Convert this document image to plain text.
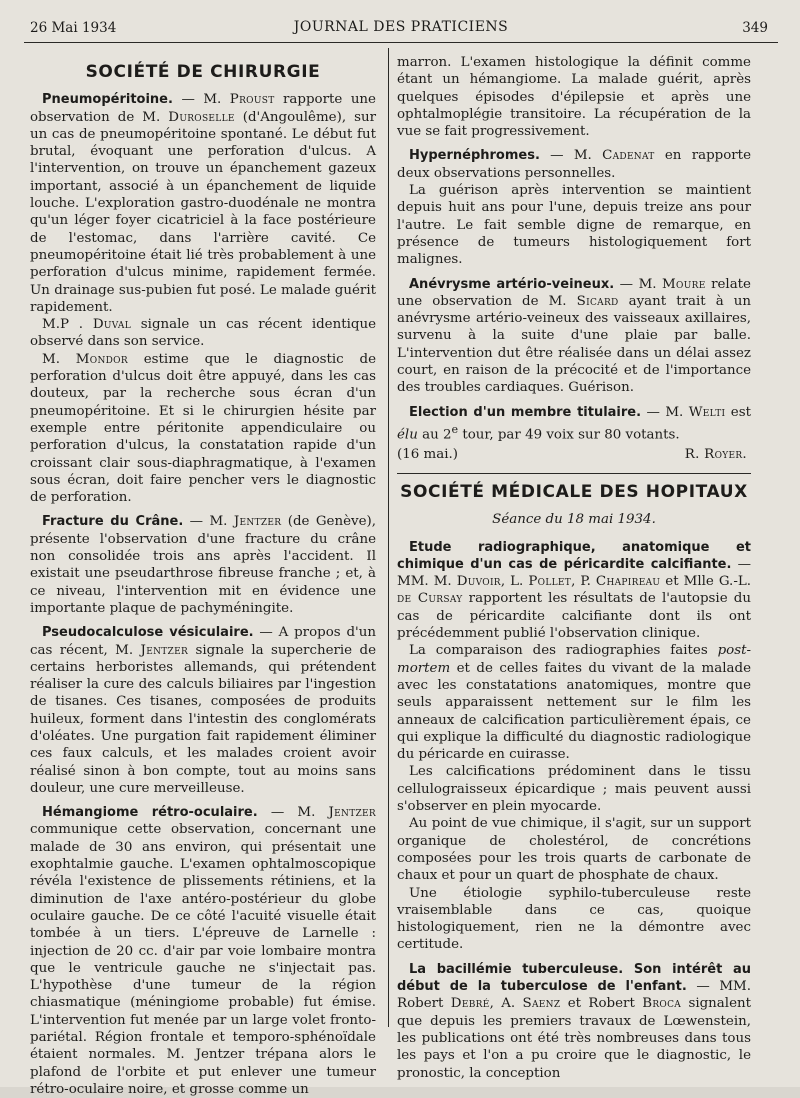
26 Mai 1934	JOURNAL DES PRATICIENS	349
SOCIÉTÉ DE CHIRURGIE

Pneumopéritoine. — M. Proust rapporte une observation de M. Duroselle (d'Angoulême), sur un cas de pneumopéritoine spontané. Le début fut brutal, évoquant une perforation d'ulcus. A l'intervention, on trouve un épanchement gazeux important, associé à un épanchement de liquide louche. L'exploration gastro-duodénale ne montra qu'un léger foyer cicatriciel à la face postérieure de l'estomac, dans l'arrière cavité. Ce pneumopéritoine était lié très probablement à une perforation d'ulcus minime, rapidement fermée. Un drainage sus-pubien fut posé. Le malade guérit rapidement.

M.P . Duval signale un cas récent identique observé dans son service.

M. Mondor estime que le diagnostic de perforation d'ulcus doit être appuyé, dans les cas douteux, par la recherche sous écran d'un pneumopéritoine. Et si le chirurgien hésite par exemple entre péritonite appendiculaire ou perforation d'ulcus, la constatation rapide d'un croissant clair sous-diaphragmatique, à l'examen sous écran, doit faire pencher vers le diagnostic de perforation.

Fracture du Crâne. — M. Jentzer (de Genève), présente l'observation d'une fracture du crâne non consolidée trois ans après l'accident. Il existait une pseudarthrose fibreuse franche ; et, à ce niveau, l'intervention mit en évidence une importante plaque de pachyméningite.

Pseudocalculose vésiculaire. — A propos d'un cas récent, M. Jentzer signale la supercherie de certains herboristes allemands, qui prétendent réaliser la cure des calculs biliaires par l'ingestion de tisanes. Ces tisanes, composées de produits huileux, forment dans l'intestin des conglomérats d'oléates. Une purgation fait rapidement éliminer ces faux calculs, et les malades croient avoir réalisé sinon à bon compte, tout au moins sans douleur, une cure merveilleuse.

Hémangiome rétro-oculaire. — M. Jentzer communique cette observation, concernant une malade de 30 ans environ, qui présentait une exophtalmie gauche. L'examen ophtalmoscopique révéla l'existence de plissements rétiniens, et la diminution de l'axe antéro-postérieur du globe oculaire gauche. De ce côté l'acuité visuelle était tombée à un tiers. L'épreuve de Larnelle : injection de 20 cc. d'air par voie lombaire montra que le ventricule gauche ne s'injectait pas. L'hypothèse d'une tumeur de la région chiasmatique (méningiome probable) fut émise. L'intervention fut menée par un large volet fronto-pariétal. Région frontale et temporo-sphénoïdale étaient normales. M. Jentzer trépana alors le plafond de l'orbite et put enlever une tumeur rétro-oculaire noire, et grosse comme un

marron. L'examen histologique la définit comme étant un hémangiome. La malade guérit, après quelques épisodes d'épilepsie et après une ophtalmoplégie transitoire. La récupération de la vue se fait progressivement.

Hypernéphromes. — M. Cadenat en rapporte deux observations personnelles.

La guérison après intervention se maintient depuis huit ans pour l'une, depuis treize ans pour l'autre. Le fait semble digne de remarque, en présence de tumeurs histologiquement fort malignes.

Anévrysme artério-veineux. — M. Moure relate une observation de M. Sicard ayant trait à un anévrysme artério-veineux des vaisseaux axillaires, survenu à la suite d'une plaie par balle. L'intervention dut être réalisée dans un délai assez court, en raison de la précocité et de l'importance des troubles cardiaques. Guérison.

Election d'un membre titulaire. — M. Welti est élu au 2e tour, par 49 voix sur 80 votants.

(16 mai.)	R. Royer.

SOCIÉTÉ MÉDICALE DES HOPITAUX

Séance du 18 mai 1934.

Etude radiographique, anatomique et chimique d'un cas de péricardite calcifiante. — MM. M. Duvoir, L. Pollet, P. Chapireau et Mlle G.-L. de Cursay rapportent les résultats de l'autopsie du cas de péricardite calcifiante dont ils ont précédemment publié l'observation clinique.

La comparaison des radiographies faites post-mortem et de celles faites du vivant de la malade avec les constatations anatomiques, montre que seuls apparaissent nettement sur le film les anneaux de calcification particulièrement épais, ce qui explique la difficulté du diagnostic radiologique du péricarde en cuirasse.

Les calcifications prédominent dans le tissu cellulograisseux épicardique ; mais peuvent aussi s'observer en plein myocarde.

Au point de vue chimique, il s'agit, sur un support organique de cholestérol, de concrétions composées pour les trois quarts de carbonate de chaux et pour un quart de phosphate de chaux.

Une étiologie syphilo-tuberculeuse reste vraisemblable dans ce cas, quoique histologiquement, rien ne la démontre avec certitude.

La bacillémie tuberculeuse. Son intérêt au début de la tuberculose de l'enfant. — MM. Robert Debré, A. Saenz et Robert Broca signalent que depuis les premiers travaux de Lœwenstein, les publications ont été très nombreuses dans tous les pays et l'on a pu croire que le diagnostic, le pronostic, la conception
